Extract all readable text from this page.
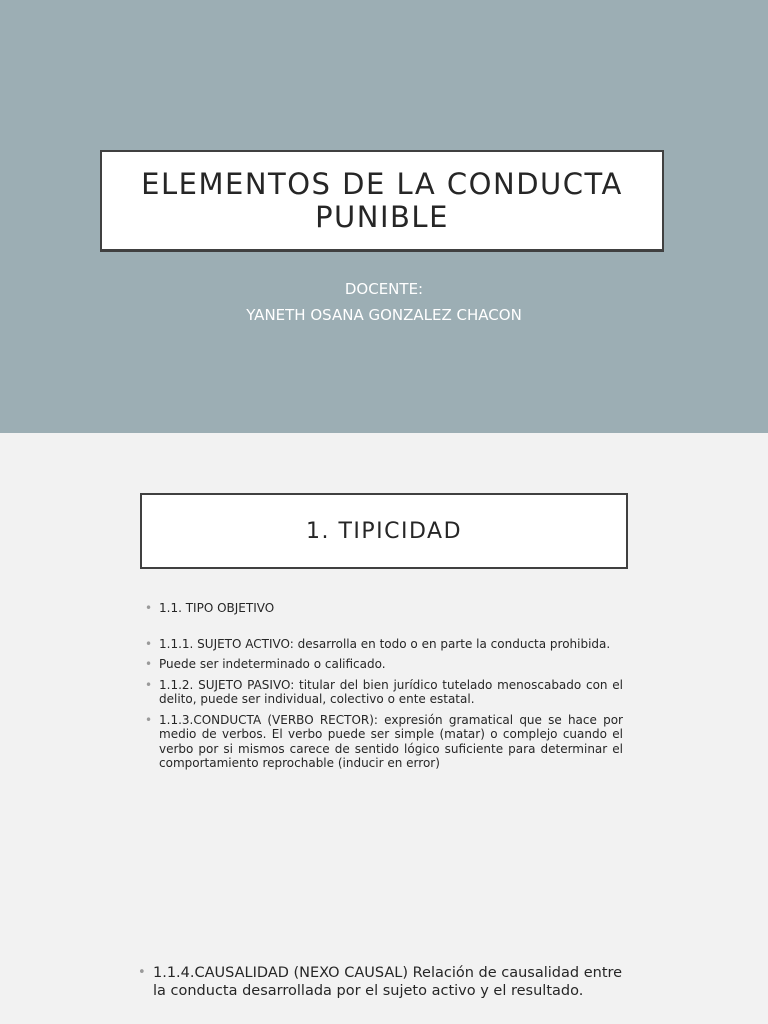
ELEMENTOS DE LA CONDUCTA
PUNIBLE
DOCENTE:
YANETH OSANA GONZALEZ CHACON
1. TIPICIDAD
• 1.1. TIPO OBJETIVO
• 1.1.1. SUJETO ACTIVO: desarrolla en todo o en parte la conducta prohibida.
• Puede ser indeterminado o calificado.
• 1.1.2. SUJETO PASIVO: titular del bien jurídico tutelado menoscabado con el delito, puede ser individual, colectivo o ente estatal.
• 1.1.3.CONDUCTA (VERBO RECTOR): expresión gramatical que se hace por medio de verbos. El verbo puede ser simple (matar) o complejo cuando el verbo por si mismos carece de sentido lógico suficiente para determinar el comportamiento reprochable (inducir en error)
• 1.1.4.CAUSALIDAD (NEXO CAUSAL) Relación de causalidad entre la conducta desarrollada por el sujeto activo y el resultado.
